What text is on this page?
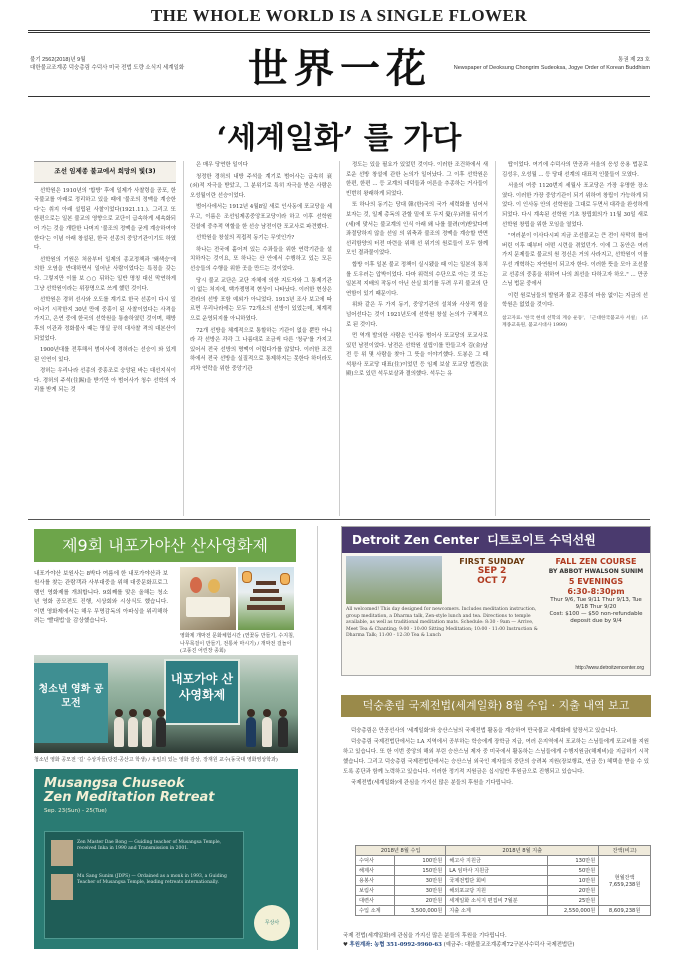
THE WHOLE WORLD IS A SINGLE FLOWER
불기 2562(2018)년 9월
대한불교조계종 덕숭총림 수덕사 미국 전법 도량 소식지 세계일화	世界一花	통권 제 23 호
Newspaper of Deoksung Chongrim Sudeoksa, Jogye Order of Korean Buddhism
‘세계일화’ 를 가다
조선 임제종 불교에서 희망의 빛(3)

선학원은 1910년의 '합방' 후에 일제가 사찰령을 공포, 한국불교를 아래로 정리하고 있을 때에 '불조의 정맥을 계승한다'는 취지 아래 설립된 사찰이었다(1921.11.). 그리고 또 한편으로는 일본 불교의 영향으로 교단이 급속하게 세속화되어 가는 것을 개탄한 나머지 '불조의 정맥을 굳게 계승하여야 한다'는 이념 아래 창설된, 한국 선종의 중앙기관이기도 하였다.

선학원의 기원은 처음부터 일제의 종교정책과 '왜색승'에 의한 오염을 반대하면서 일어난 사람이었다는 특징을 갖는다. 그렇지만 이를 보 ○○ 뒤하는 일반 명칭 대신 막연하게 그냥 선학원이라는 위장명으로 쓰게 했던 것이다.

선학원은 경허 선사와 오도를 계기로 한국 선종이 다시 일어나기 시작한지 30년 만에 중흥이 된 사찰이었다는 사격을 가지고, 은연 중에 한국의 선학원을 통솔하였던 것이며, 해방 후의 이관과 정화불사 때는 명실 공히 대사찰 격의 대본산이 되었었다.

1900년대를 전후해서 범어사에 경허라는 선승이 와 있게 된 인연이 있다.

경허는 우리나라 선종의 중흥조로 숭앙된 바는 대선지식이다. 경허의 주석(住錫)을 받기만 아 범어사가 청수 선학의 자리를 받게 되는 것

은 매우 당연한 일이다

청정한 경허의 내방 주석을 계기로 범어사는 급속히 衰(쇠)적 자극을 받았고, 그 분위기로 특히 자극을 받은 사람은 오성월이란 선승이었다.

범어사에서는 1912년 4월8일 새로 인사동에 포교당을 세우고, 이름은 조선임제종중앙포교당이라 하고 이후 선학원 건설에 중추적 역할을 한 선승 남전이란 포교사로 파견했다.

선학원을 창설의 직접적 동기는 무엇인가?

하나는 전국에 흩어져 있는 수좌들을 위한 연락기관을 설치하자는 것이요, 또 하나는 산 안에서 수행하고 있는 모든 선승들의 수행을 위한 곳을 만드는 것이었다.

당시 불교 교단은 교단 자체에 의한 지도자와 그 통제기관이 없는 처지에, 백가쟁명적 현상이 나타났다. 이러한 현상은 전라의 선방 포함 예외가 아니었다. 1913년 조사 보고에 따르면 우리나라에는 모두 72개소의 선방이 있었는데, 체계적으로 운영되지를 아니하였다.

72개 선방을 체계적으로 통할하는 기관이 없을 뿐만 아니라 각 선방은 각각 그 나름대로 조금씩 다른 '청규'를 가지고 있어서 전국 선방의 명맥이 어렵다가를 않았다. 이러한 조건하에서 전국 선방을 실질적으로 통제하지는 못한다 하더라도 괴차 연락을 위한 중앙기관

정도는 있을 필요가 있었던 것이다. 이러한 조건하에서 새로운 선방 창설에 관한 논의가 일어났다. 그 이후 선학원은 한편, 한편 ... 등 교계의 대덕들과 어른을 추종하는 거사들이 빈번히 왕래하게 되었다.

또 하나의 동기는 당대 韓(한)국의 국가 세력화를 넘어서 보자는 것, 일제 총독의 관할 밑에 또 두지 憂(우)려를 뒤이기(세)에 맞서는 불교계의 인식 아래 왜 나를 물려(여)받았다며 좌절당하지 않을 선임 의 위축과 불조의 정맥을 계승할 반면 선리함양의 터전 마련을 위해 선 위기의 원로들이 모두 함께 모인 결과물이었다.

합방 이후 일본 불교 정책이 실시됐을 때 이는 일본의 통치를 도우러는 압박이었다. 다마 위력의 수단으로 아는 것 또는 일본적 지배의 작동이 아닌 산실 회기를 두려 우리 불교의 단연함이 있기 때문이다.

위와 같은 두 가지 동기, 중앙기관의 설치와 사상적 힘을 넘어선다는 것이 1921년도에 선학원 창설 논의가 구체적으로 된 것이다.

먼 역개 발의한 사람은 인사동 범어사 포교당의 포교사로 있던 남전이었다. 남전은 선학원 설립이를 만들고자 김(金)남전 등 위 몇 사람을 찾아 그 뜻을 이야기했다. 도봉은 그 때 석왕사 포교당 대표(住)이었던 등 임제 보살 포교당 법전(法殿)으로 있던 석두보살과 결의했다. 석두는 유

탑이었다. 여기에 수덕사의 만공과 서울의 응성 응용 법문로 김성우, 오성월 ... 등 당대 선계의 대표적 인물들이 모였다.

서울의 여중 1120번지 세월사 포교당은 가장 유명한 장소였다. 이러한 가장 중앙기관이 되기 위하여 창립이 가능하게 되었다. 이 인사동 안의 선학원을 그대로 두면서 대각을 완성하게 되었다. 다시 계속된 선학원 기초 창립회의가 11월 30일 새로 선학원 창립을 위한 모임을 열었다.

"여러분이 이사다시피 지금 조선불교는 큰 전이 삭막히 틀어 버린 이후 때부터 어떤 시련을 겪었던가. 이에 그 동안은 여러 가지 문제들로 불교의 원 정신은 거의 사라지고, 선학원이 이를 우선 개혁하는 자연원이 되고자 한다. 이러한 뜻을 모아 조선불교 선종의 중흥을 위하여 나의 최선을 다하고자 하오." ... 만공스님 법문 중에서

이런 원로님들의 발원과 불교 진흥의 마음 없이는 지금의 선학원은 없었을 것이다.

참고자료: '한국 현대 선학의 계승 운동', 「근대한국불교사 서설」 (조계종교육원, 불교시대사 1999)
제9회 내포가야산 산사영화제
내포가야산 보원사는 8박다 여름에 한 내포가야산과 보원사를 찾는 관람객과 사부대중을 위해 대중문화프로그램인 영화제를 개최합니다. 9회째를 맞은 올해는 청소년 영화 공모전도 진행, 시상회와 시상식도 했습니다. 이번 영화제에서는 해우 무명감독의 아파싱을 위리해하려는 '빨대법'을 감상했습니다.
영화제 개막전 문화체험시간 (연꽃등 만들기, 수지침, 나무목걸이 만들기, 전통차 마시기) / 개막전 걸놀이(고풍진 어린장 종회)
청소년 영화 공모전
내포가야 산사영화제
청소년 영화 공모전 '길' 수상자들(당진·공산고 학생) / 유일의 있는 영화 감상, 장재원 교수(동국대 영화영상학과)
Musangsa Chuseok
Zen Meditation Retreat
Sep. 23(Sun) - 25(Tue)
Zen Master Dae Bong — Guiding teacher of Musangsa Temple, received Inka in 1990 and Transmission in 2001.
Mu Sang Sunim (JDPS) — Ordained as a monk in 1993, a Guiding Teacher of Musangsa Temple, leading retreats internationally.
무상사
Detroit Zen Center 디트로이트 수덕선원
FIRST SUNDAY
SEP 2
OCT 7
FALL ZEN COURSE
BY ABBOT HWALSON SUNIM
5 EVENINGS
6:30-8:30pm
Thur 9/6, Tue 9/11 Thur 9/13, Tue 9/18 Thur 9/20
Cost: $100 — $50 non-refundable deposit due by 9/4
All welcomed! This day designed for newcomers. Includes meditation instruction, group meditation, a Dharma talk, Zen-style lunch and tea. Directions to temple available, as well as traditional meditation mats. Schedule: 8:30 - 9am — Arrive, Meet Tea & Chanting; 9:00 - 10:00 Sitting Meditation; 10:00 - 11:00 Instruction & Dharma Talk; 11:00 - 12:30 Tea & Lunch
http://www.detroitzencenter.org
덕숭총림 국제전법(세계일화) 8월 수입 · 지출 내역 보고

덕숭총림은 만공선사의 '세계일화'와 숭산스님의 국제전법 활동을 계승하여 만국불교 세계화에 앞장서고 있습니다.

덕숭총림 국제전법단에서는 LA 지역에서 공부하는 학승에게 장학금 지급, 여러 은지역에서 포교하는 스님들에게 포교비를 지원하고 있습니다. 또 한 이번 중앙의 해외 부린 승산스님 제자 중 미국에서 활동하는 스님들에게 수행지원금(해제비)을 지급하기 시작했습니다. 그리고 덕숭총림 국제전법단에서는 승산스님 외국인 제자들의 중단의 승려복 지원(장보행료, 연금 등) 혜택을 받을 수 있도록 종단과 함께 노력하고 있습니다. 이러한 정기적 지원금은 십시일반 후원금으로 진행되고 있습니다.

국제전법(세계일화)에 관심을 가지신 많은 분들의 후원을 기다립니다.

2018년 8월 수입		2018년 8월 지출		잔액(비고)
수덕사	100만원	해고사 지원금	130만원	현월잔액
7,659,238원

해제사	150만원	LA 임마사 지원금	50만원	
용봉사	30만원	국제전법단 회비	10만원	
보림사	30만원	해외포교당 지원	20만원	
대련사	20만원	세계일화 소식지 편집비 7월분	25만원	
수입 소계	3,500,000원	지출 소계	2,550,000원	8,609,238원
국제 전법(세계일화)에 관심을 가지신 많은 분들의 후원을 기다립니다.
♥ 후원계좌: 농협 351-0992-9960-63 (예금주: 대한불교조계종제72구본사수덕사 국제전법단)
